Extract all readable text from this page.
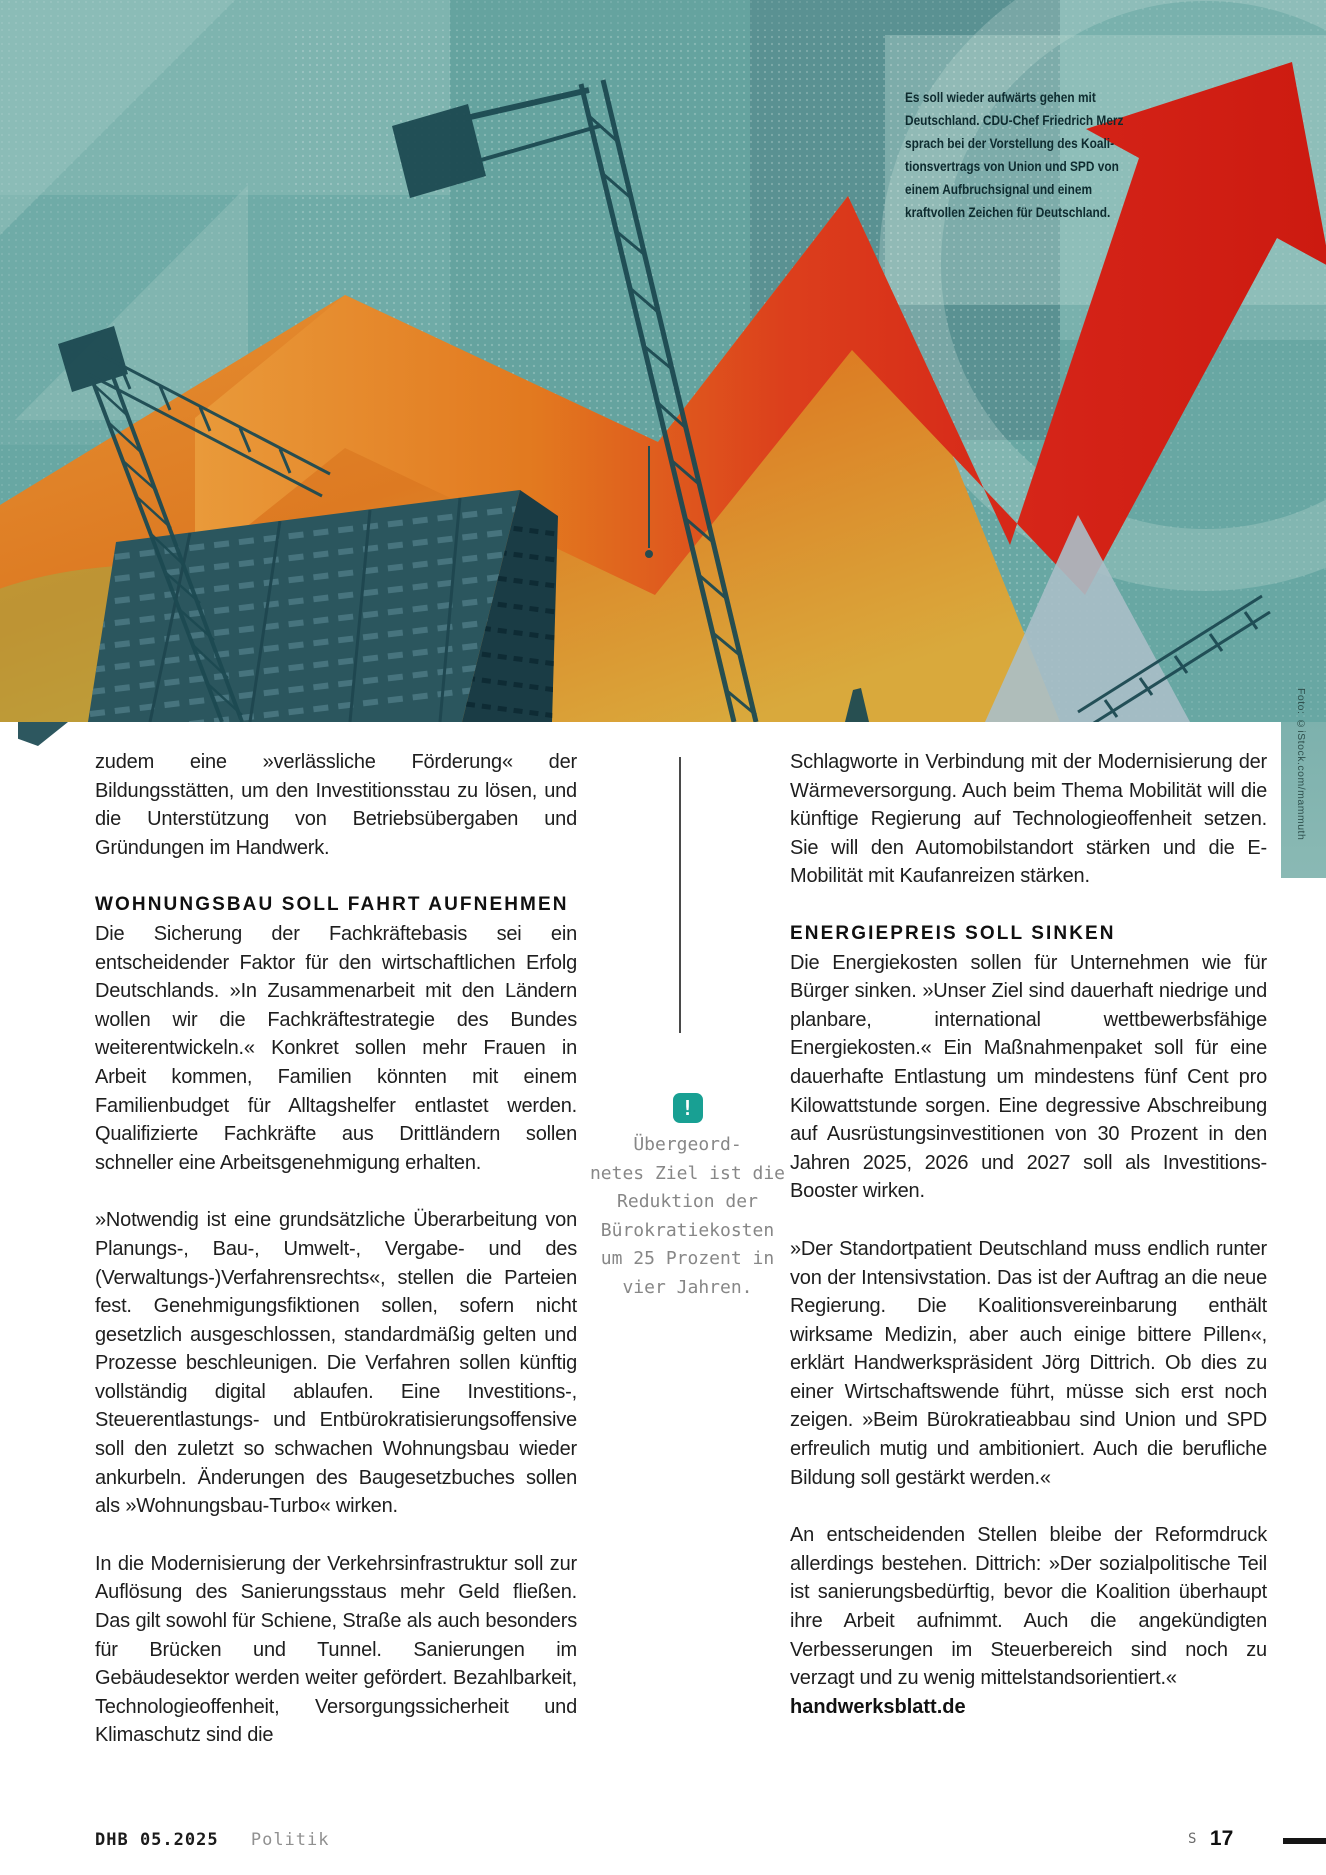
Es soll wieder aufwärts gehen mit
Deutschland. CDU-Chef Friedrich Merz
sprach bei der Vorstellung des Koali-
tionsvertrags von Union und SPD von
einem Aufbruchsignal und einem
kraftvollen Zeichen für Deutschland.
Foto: ©iStock.com/mammuth

zudem eine »verlässliche Förderung« der Bildungsstätten, um den Investitionsstau zu lösen, und die Unterstützung von Betriebsübergaben und Gründungen im Handwerk.

WOHNUNGSBAU SOLL FAHRT AUFNEHMEN

Die Sicherung der Fachkräftebasis sei ein entscheidender Faktor für den wirtschaftlichen Erfolg Deutschlands. »In Zusammenarbeit mit den Ländern wollen wir die Fachkräftestrategie des Bundes weiterentwickeln.« Konkret sollen mehr Frauen in Arbeit kommen, Familien könnten mit einem Familienbudget für Alltagshelfer entlastet werden. Qualifizierte Fachkräfte aus Drittländern sollen schneller eine Arbeitsgenehmigung erhalten.

»Notwendig ist eine grundsätzliche Überarbeitung von Planungs-, Bau-, Umwelt-, Vergabe- und des (Verwaltungs-)Verfahrensrechts«, stellen die Parteien fest. Genehmigungsfiktionen sollen, sofern nicht gesetzlich ausgeschlossen, standardmäßig gelten und Prozesse beschleunigen. Die Verfahren sollen künftig vollständig digital ablaufen. Eine Investitions-, Steuerentlastungs- und Entbürokratisierungsoffensive soll den zuletzt so schwachen Wohnungsbau wieder ankurbeln. Änderungen des Baugesetzbuches sollen als »Wohnungsbau-Turbo« wirken.

In die Modernisierung der Verkehrsinfrastruktur soll zur Auflösung des Sanierungsstaus mehr Geld fließen. Das gilt sowohl für Schiene, Straße als auch besonders für Brücken und Tunnel. Sanierungen im Gebäudesektor werden weiter gefördert. Bezahlbarkeit, Technologieoffenheit, Versorgungssicherheit und Klimaschutz sind die

!
Übergeord-
netes Ziel ist die
Reduktion der
Bürokratiekosten
um 25 Prozent in
vier Jahren.

Schlagworte in Verbindung mit der Modernisierung der Wärmeversorgung. Auch beim Thema Mobilität will die künftige Regierung auf Technologieoffenheit setzen. Sie will den Automobilstandort stärken und die E-Mobilität mit Kaufanreizen stärken.

ENERGIEPREIS SOLL SINKEN

Die Energiekosten sollen für Unternehmen wie für Bürger sinken. »Unser Ziel sind dauerhaft niedrige und planbare, international wettbewerbsfähige Energiekosten.« Ein Maßnahmenpaket soll für eine dauerhafte Entlastung um mindestens fünf Cent pro Kilowattstunde sorgen. Eine degressive Abschreibung auf Ausrüstungsinvestitionen von 30 Prozent in den Jahren 2025, 2026 und 2027 soll als Investitions-Booster wirken.

»Der Standortpatient Deutschland muss endlich runter von der Intensivstation. Das ist der Auftrag an die neue Regierung. Die Koalitionsvereinbarung enthält wirksame Medizin, aber auch einige bittere Pillen«, erklärt Handwerkspräsident Jörg Dittrich. Ob dies zu einer Wirtschaftswende führt, müsse sich erst noch zeigen. »Beim Bürokratieabbau sind Union und SPD erfreulich mutig und ambitioniert. Auch die berufliche Bildung soll gestärkt werden.«

An entscheidenden Stellen bleibe der Reformdruck allerdings bestehen. Dittrich: »Der sozialpolitische Teil ist sanierungsbedürftig, bevor die Koalition überhaupt ihre Arbeit aufnimmt. Auch die angekündigten Verbesserungen im Steuerbereich sind noch zu verzagt und zu wenig mittelstandsorientiert.«

handwerksblatt.de
DHB 05.2025 Politik	S 17
